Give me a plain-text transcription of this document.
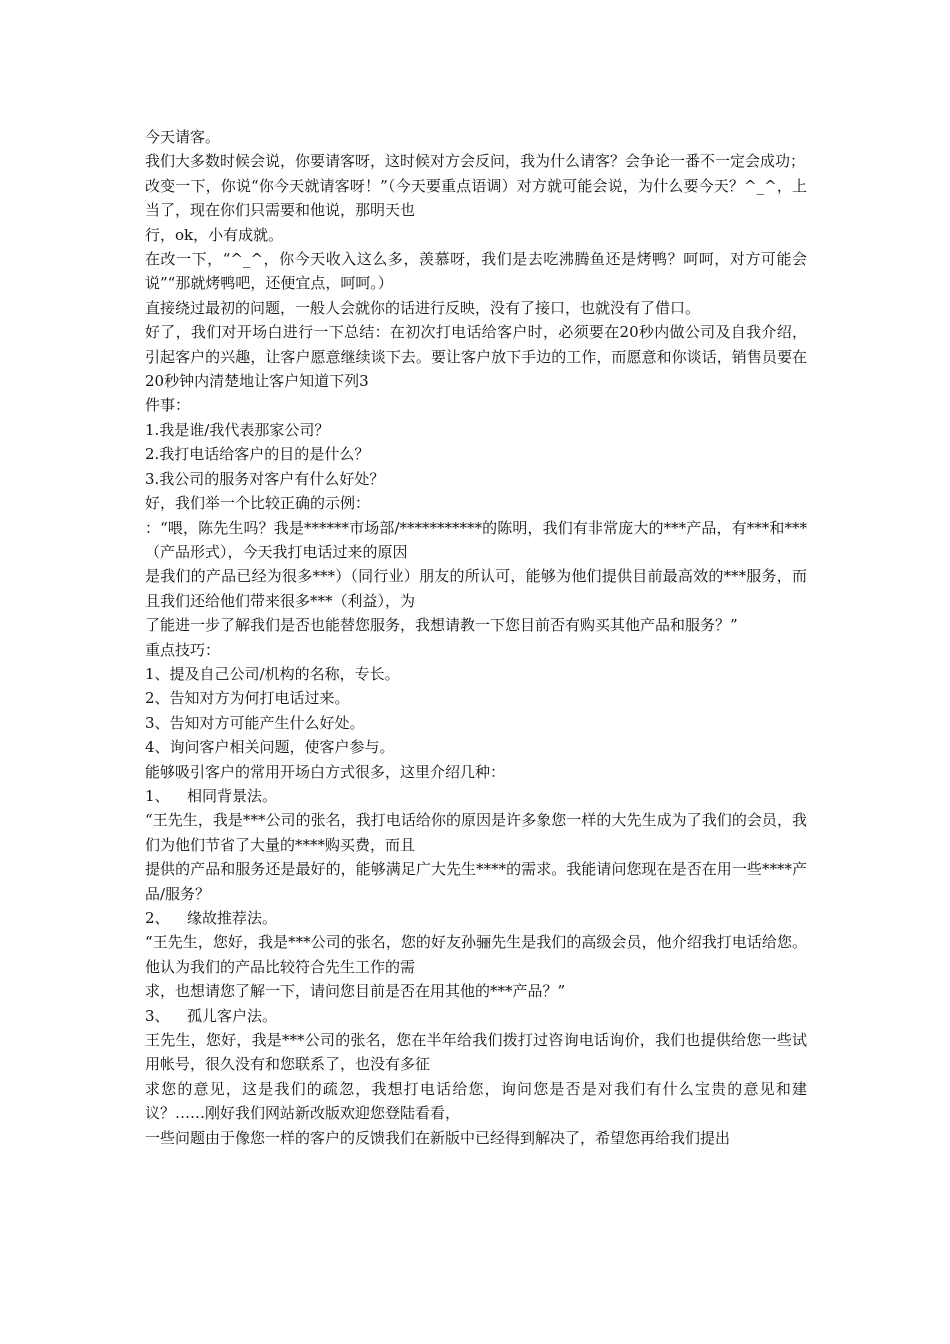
今天请客。

我们大多数时候会说，你要请客呀，这时候对方会反问，我为什么请客？会争论一番不一定会成功；

改变一下，你说“你今天就请客呀！”（今天要重点语调）对方就可能会说，为什么要今天？^_^，上当了，现在你们只需要和他说，那明天也

行，ok，小有成就。

在改一下，“^_^，你今天收入这么多，羡慕呀，我们是去吃沸腾鱼还是烤鸭？呵呵，对方可能会说”“那就烤鸭吧，还便宜点，呵呵。）

直接绕过最初的问题，一般人会就你的话进行反映，没有了接口，也就没有了借口。

好了，我们对开场白进行一下总结：在初次打电话给客户时，必须要在20秒内做公司及自我介绍，引起客户的兴趣，让客户愿意继续谈下去。要让客户放下手边的工作，而愿意和你谈话，销售员要在20秒钟内清楚地让客户知道下列3

件事：

1.我是谁/我代表那家公司？

2.我打电话给客户的目的是什么？

3.我公司的服务对客户有什么好处？

好，我们举一个比较正确的示例：

：“喂，陈先生吗？我是******市场部/***********的陈明，我们有非常庞大的***产品，有***和***（产品形式），今天我打电话过来的原因

是我们的产品已经为很多***）（同行业）朋友的所认可，能够为他们提供目前最高效的***服务，而且我们还给他们带来很多***（利益），为

了能进一步了解我们是否也能替您服务，我想请教一下您目前否有购买其他产品和服务？”

重点技巧：

1、提及自己公司/机构的名称，专长。

2、告知对方为何打电话过来。

3、告知对方可能产生什么好处。

4、询问客户相关问题，使客户参与。

能够吸引客户的常用开场白方式很多，这里介绍几种：

1、 相同背景法。

“王先生，我是***公司的张名，我打电话给你的原因是许多象您一样的大先生成为了我们的会员，我们为他们节省了大量的****购买费，而且

提供的产品和服务还是最好的，能够满足广大先生****的需求。我能请问您现在是否在用一些****产品/服务？

2、 缘故推荐法。

“王先生，您好，我是***公司的张名，您的好友孙骊先生是我们的高级会员，他介绍我打电话给您。他认为我们的产品比较符合先生工作的需

求，也想请您了解一下，请问您目前是否在用其他的***产品？”

3、 孤儿客户法。

王先生，您好，我是***公司的张名，您在半年给我们拨打过咨询电话询价，我们也提供给您一些试用帐号，很久没有和您联系了，也没有多征

求您的意见，这是我们的疏忽，我想打电话给您，询问您是否是对我们有什么宝贵的意见和建议？……刚好我们网站新改版欢迎您登陆看看，

一些问题由于像您一样的客户的反馈我们在新版中已经得到解决了，希望您再给我们提出
